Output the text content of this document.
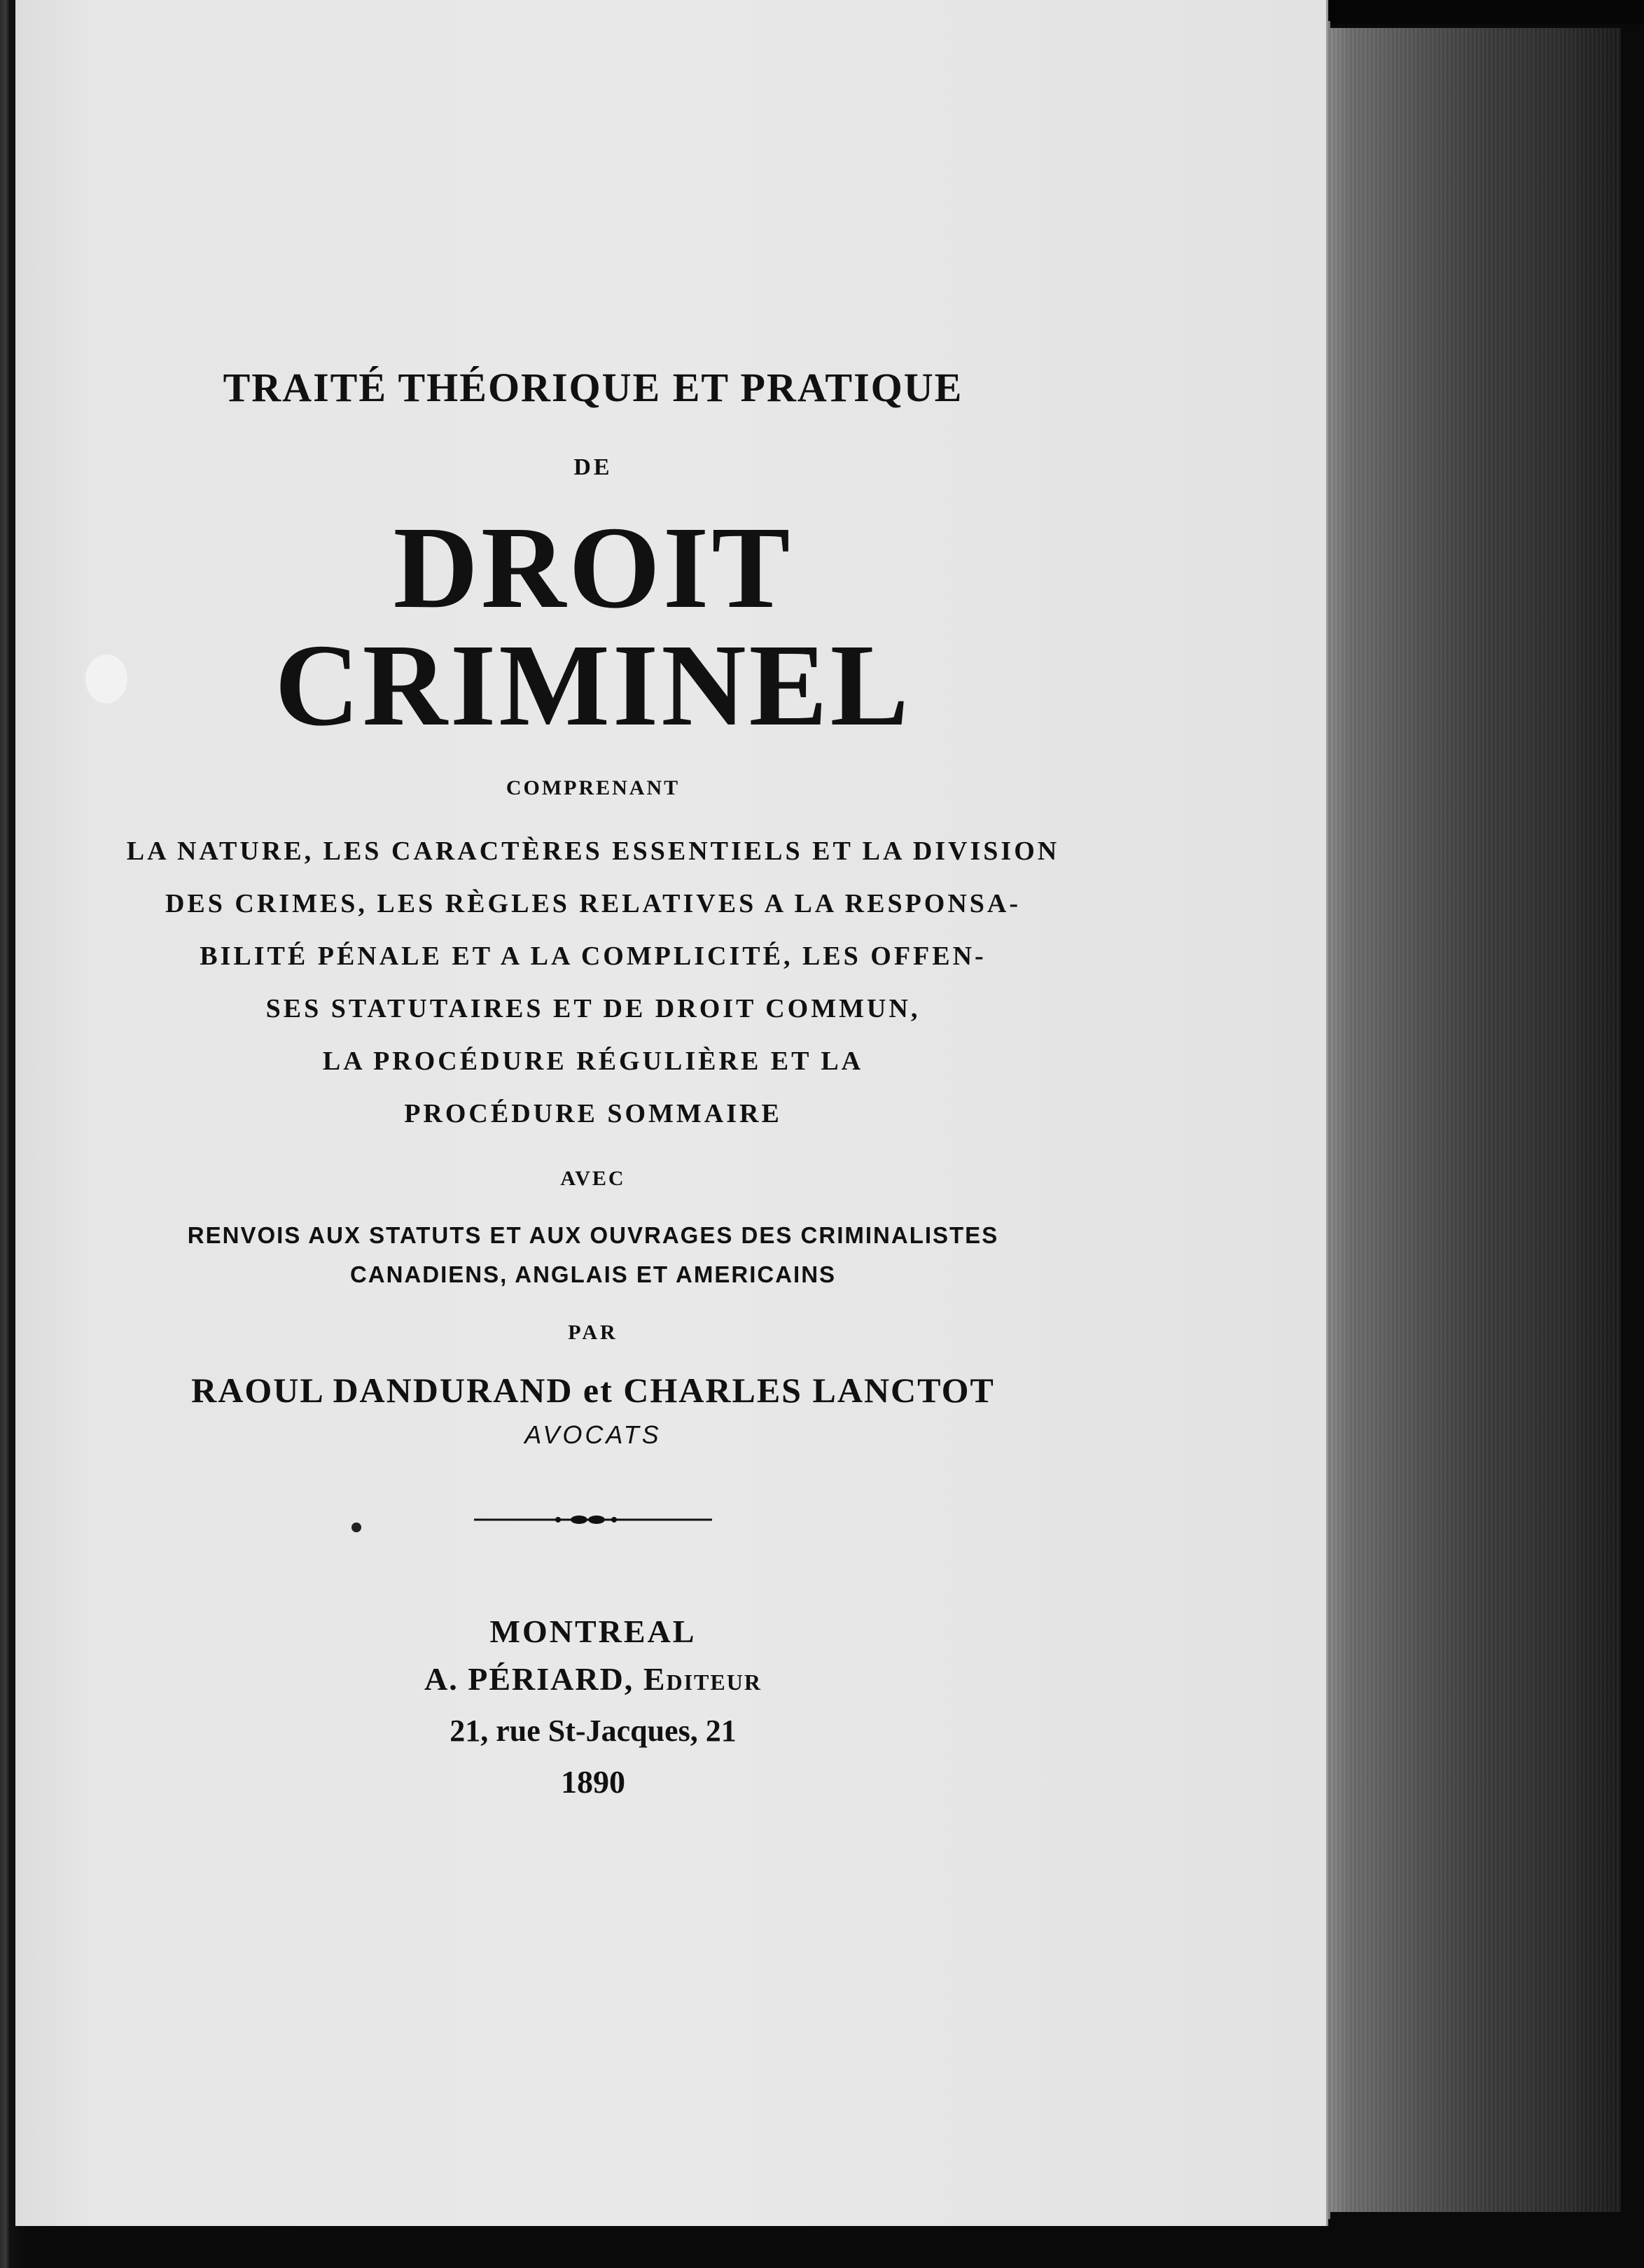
TRAITÉ THÉORIQUE ET PRATIQUE
DE
DROIT CRIMINEL
COMPRENANT
LA NATURE, LES CARACTÈRES ESSENTIELS ET LA DIVISION
DES CRIMES, LES RÈGLES RELATIVES A LA RESPONSA-
BILITÉ PÉNALE ET A LA COMPLICITÉ, LES OFFEN-
SES STATUTAIRES ET DE DROIT COMMUN,
LA PROCÉDURE RÉGULIÈRE ET LA
PROCÉDURE SOMMAIRE
AVEC
RENVOIS AUX STATUTS ET AUX OUVRAGES DES CRIMINALISTES
CANADIENS, ANGLAIS ET AMERICAINS
PAR
RAOUL DANDURAND et CHARLES LANCTOT
AVOCATS
MONTREAL
A. PÉRIARD, Editeur
21, rue St-Jacques, 21
1890
